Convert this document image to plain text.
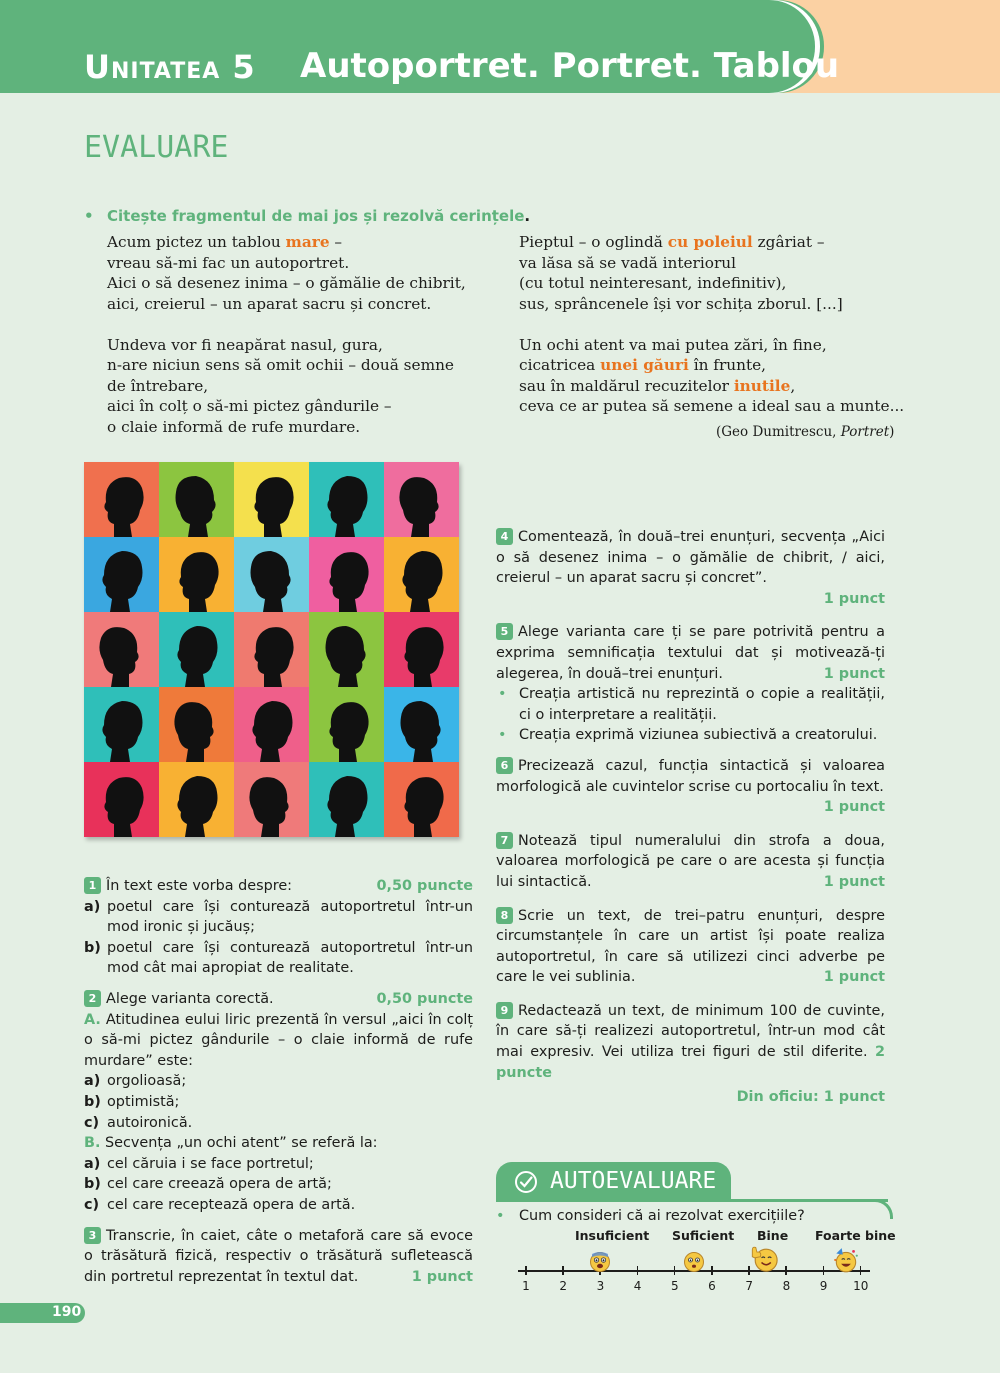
Unitatea 5 Autoportret. Portret. Tablou
EVALUARE
• Citește fragmentul de mai jos și rezolvă cerințele.
Acum pictez un tablou mare –
vreau să-mi fac un autoportret.
Aici o să desenez inima – o gămălie de chibrit,
aici, creierul – un aparat sacru și concret.
Undeva vor fi neapărat nasul, gura,
n-are niciun sens să omit ochii – două semne
de întrebare,
aici în colț o să-mi pictez gândurile –
o claie informă de rufe murdare.
Pieptul – o oglindă cu poleiul zgâriat –
va lăsa să se vadă interiorul
(cu totul neinteresant, indefinitiv),
sus, sprâncenele își vor schița zborul. [...]
Un ochi atent va mai putea zări, în fine,
cicatricea unei găuri în frunte,
sau în maldărul recuzitelor inutile,
ceva ce ar putea să semene a ideal sau a munte...
(Geo Dumitrescu, Portret)

1 În text este vorba despre:	0,50 puncte

a) poetul care își conturează autoportretul într-un mod ironic și jucăuș;

b) poetul care își conturează autoportretul într-un mod cât mai apropiat de realitate.

2 Alege varianta corectă.	0,50 puncte

A. Atitudinea eului liric prezentă în versul „aici în colț o să-mi pictez gândurile – o claie informă de rufe murdare” este:

a) orgolioasă;

b) optimistă;

c) autoironică.

B. Secvența „un ochi atent” se referă la:

a) cel căruia i se face portretul;

b) cel care creează opera de artă;

c) cel care receptează opera de artă.

3 Transcrie, în caiet, câte o metaforă care să evoce o trăsătură fizică, respectiv o trăsătură sufletească din portretul reprezentat în textul dat.	1 punct

4 Comentează, în două–trei enunțuri, secvența „Aici o să desenez inima – o gămălie de chibrit, / aici, creierul – un aparat sacru și concret”.

1 punct

5 Alege varianta care ți se pare potrivită pentru a exprima semnificația textului dat și motivează-ți alegerea, în două–trei enunțuri.	1 punct

• Creația artistică nu reprezintă o copie a realității, ci o interpretare a realității.

• Creația exprimă viziunea subiectivă a creatorului.

6 Precizează cazul, funcția sintactică și valoarea morfologică ale cuvintelor scrise cu portocaliu în text.

1 punct

7 Notează tipul numeralului din strofa a doua, valoarea morfologică pe care o are acesta și funcția lui sintactică.	1 punct

8 Scrie un text, de trei–patru enunțuri, despre circumstanțele în care un artist își poate realiza autoportretul, în care să utilizezi cinci adverbe pe care le vei sublinia.	1 punct

9 Redactează un text, de minimum 100 de cuvinte, în care să-ți realizezi autoportretul, într-un mod cât mai expresiv. Vei utiliza trei figuri de stil diferite. 2 puncte

Din oficiu: 1 punct

AUTOEVALUARE
• Cum consideri că ai rezolvat exercițiile?
Insuficient Suficient Bine Foarte bine
1	2	3	4	5	6	7	8	9	10
190
